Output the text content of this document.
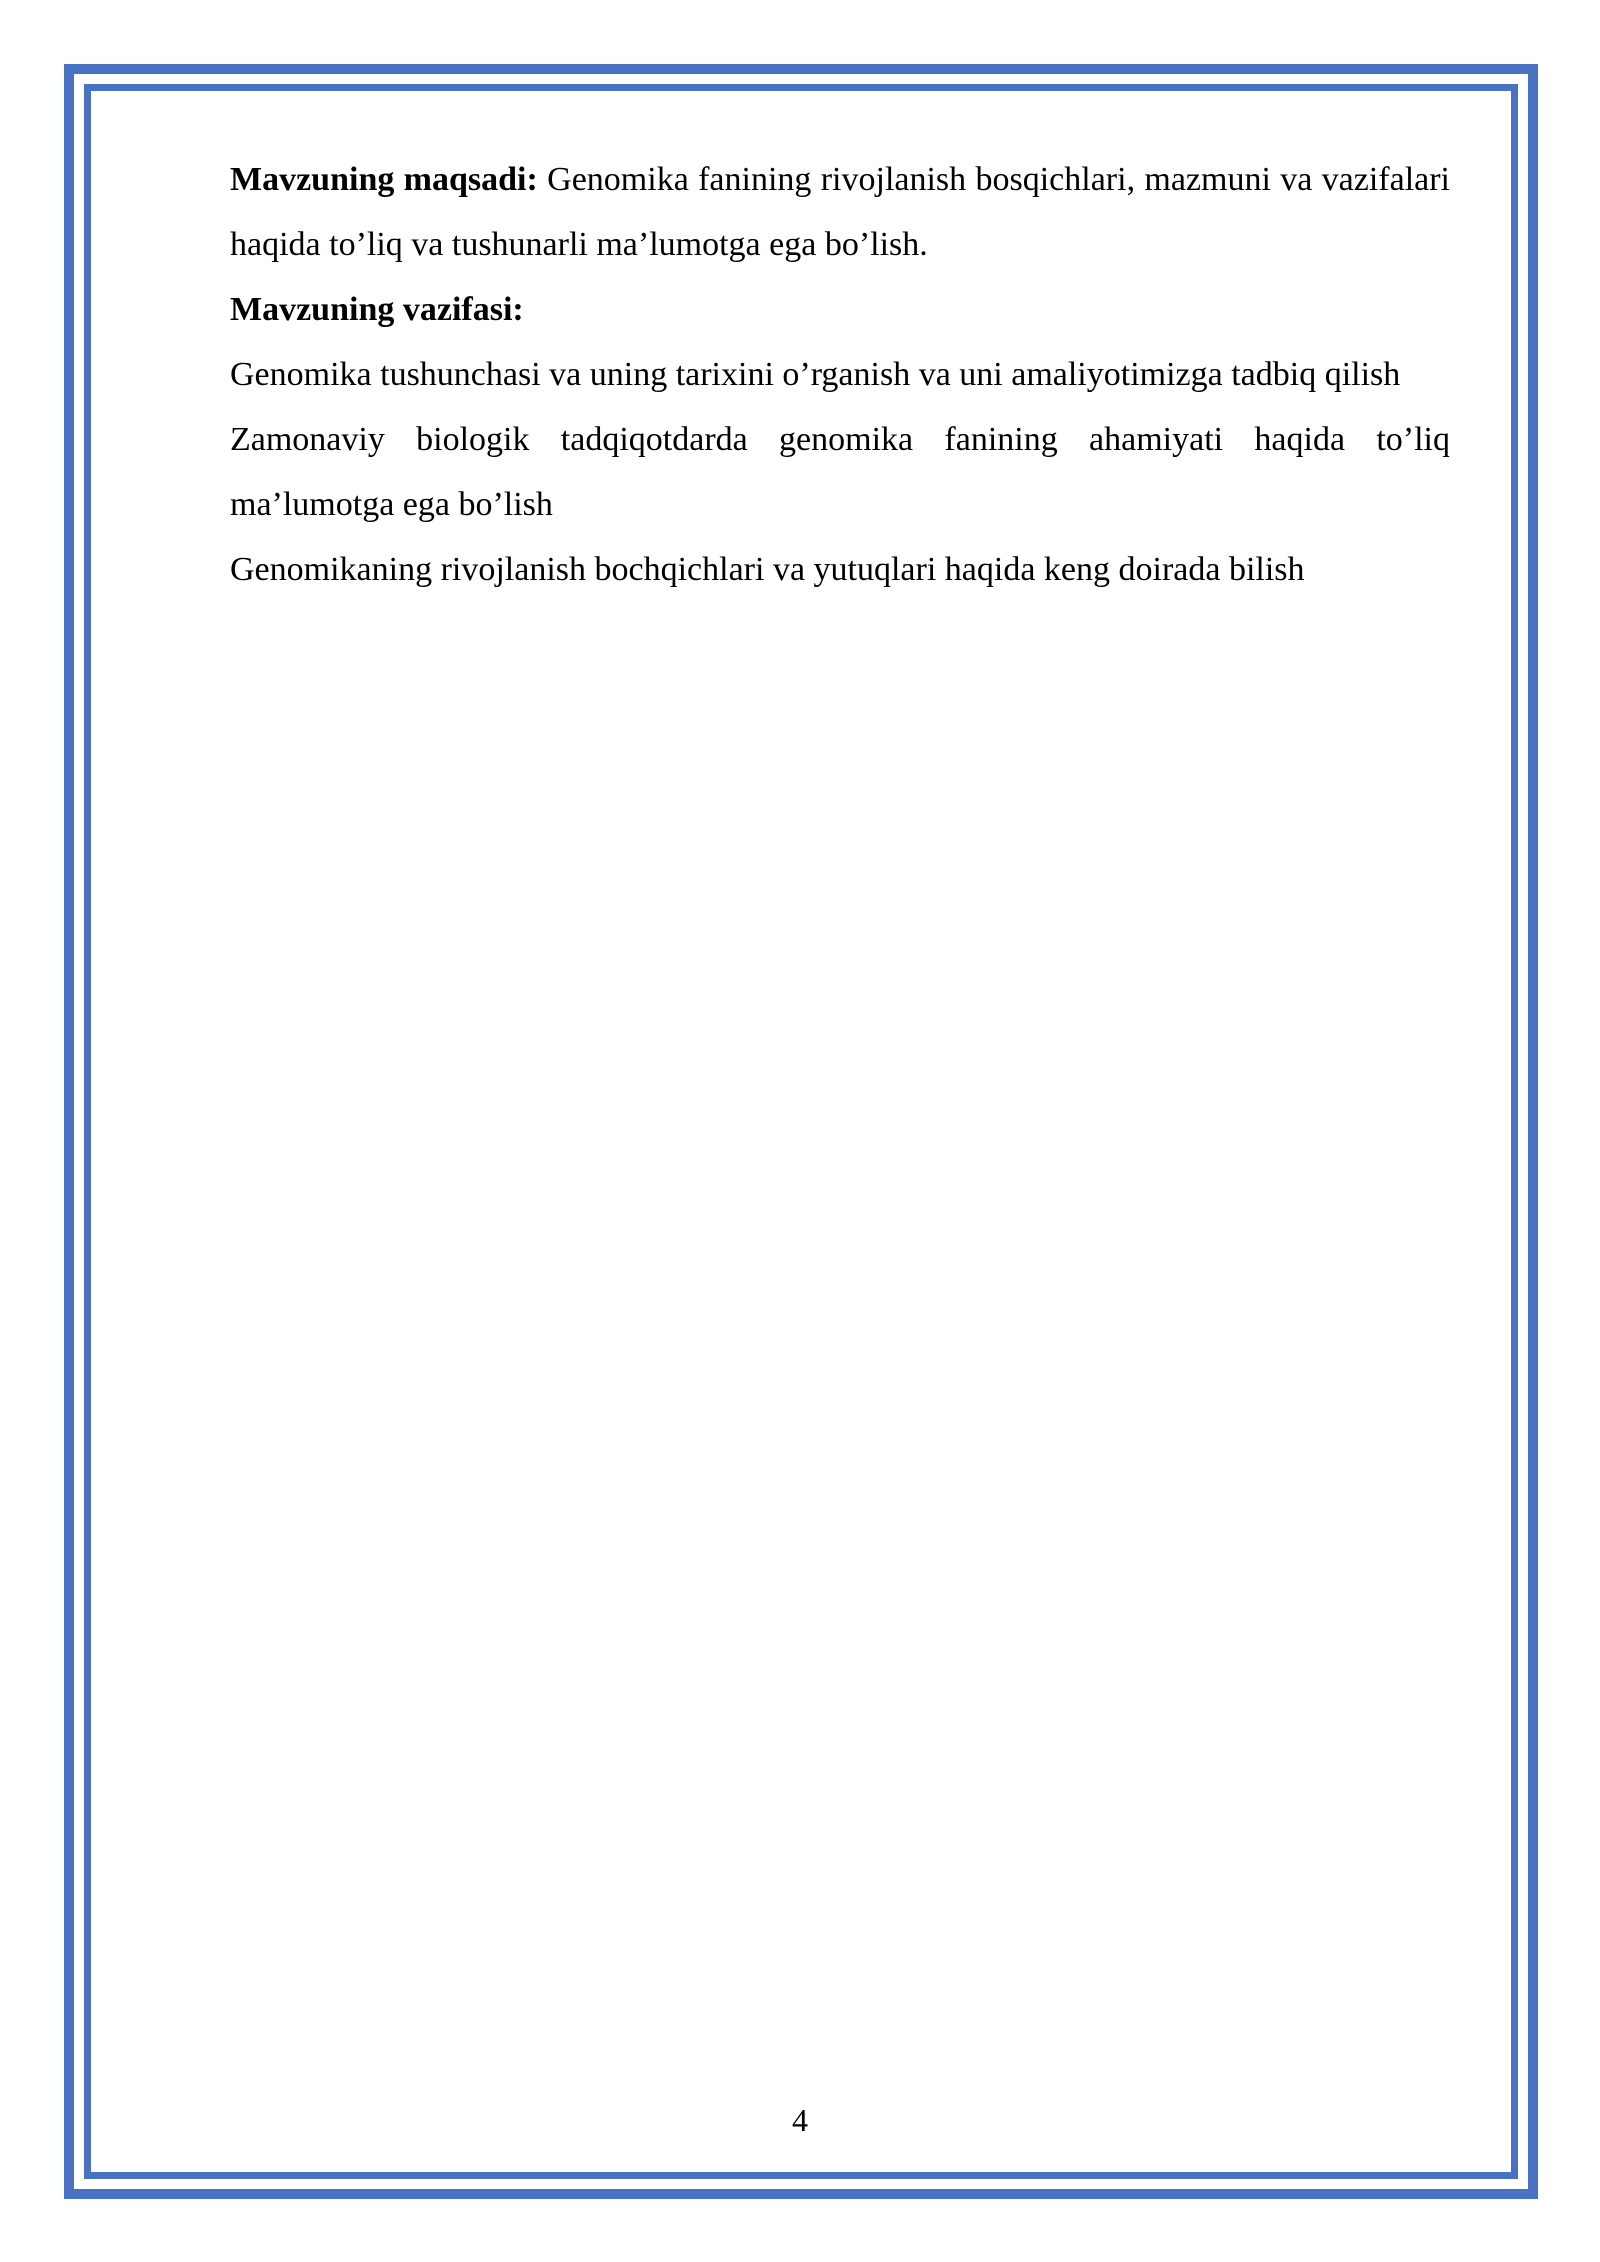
Mavzuning maqsadi: Genomika fanining rivojlanish bosqichlari, mazmuni va vazifalari haqida to’liq va tushunarli ma’lumotga ega bo’lish.

Mavzuning vazifasi:

Genomika tushunchasi va uning tarixini o’rganish va uni amaliyotimizga tadbiq qilish

Zamonaviy biologik tadqiqotdarda genomika fanining ahamiyati haqida to’liq ma’lumotga ega bo’lish

Genomikaning rivojlanish bochqichlari va yutuqlari haqida keng doirada bilish

4
